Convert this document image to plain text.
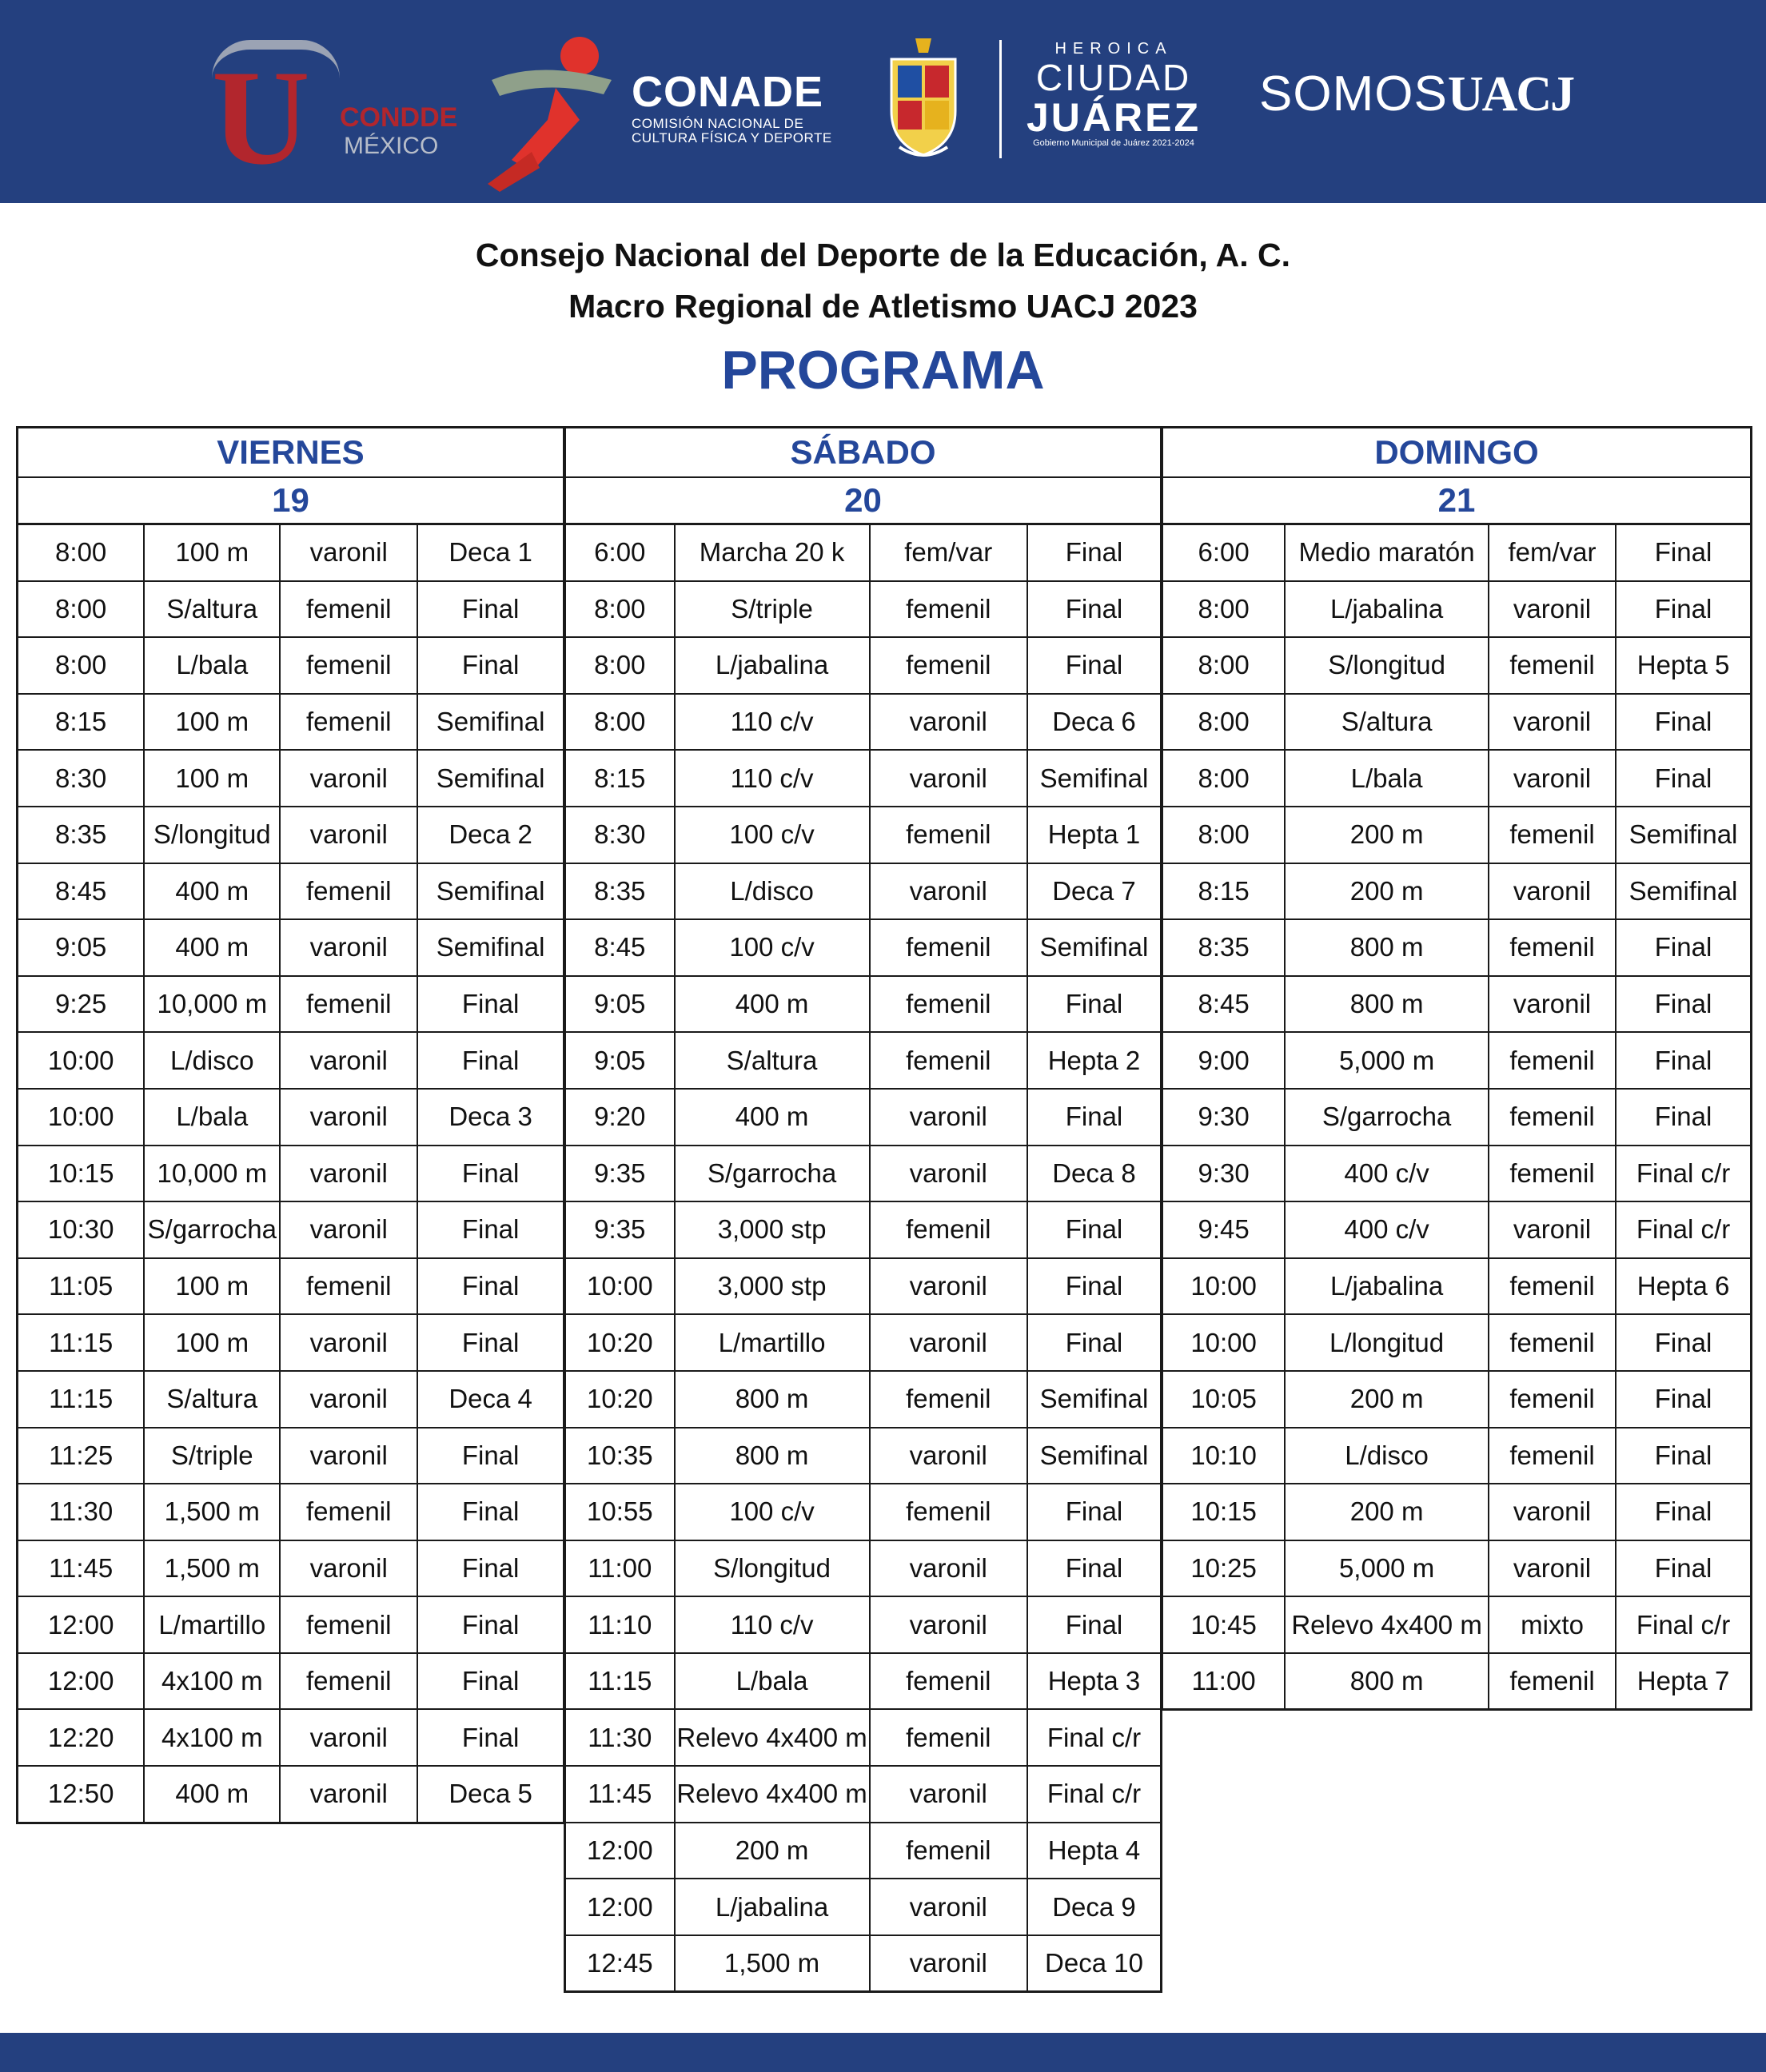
U CONDDE
MÉXICO
CONADE
COMISIÓN NACIONAL DE
CULTURA FÍSICA Y DEPORTE
HEROICA
CIUDAD
JUÁREZ
Gobierno Municipal de Juárez 2021-2024
SOMOSUACJ
Consejo Nacional del Deporte de la Educación, A. C.
Macro Regional de Atletismo UACJ 2023
PROGRAMA
VIERNES			
19			
8:00	100 m	varonil	Deca 1
8:00	S/altura	femenil	Final
8:00	L/bala	femenil	Final
8:15	100 m	femenil	Semifinal
8:30	100 m	varonil	Semifinal
8:35	S/longitud	varonil	Deca 2
8:45	400 m	femenil	Semifinal
9:05	400 m	varonil	Semifinal
9:25	10,000 m	femenil	Final
10:00	L/disco	varonil	Final
10:00	L/bala	varonil	Deca 3
10:15	10,000 m	varonil	Final
10:30	S/garrocha	varonil	Final
11:05	100 m	femenil	Final
11:15	100 m	varonil	Final
11:15	S/altura	varonil	Deca 4
11:25	S/triple	varonil	Final
11:30	1,500 m	femenil	Final
11:45	1,500 m	varonil	Final
12:00	L/martillo	femenil	Final
12:00	4x100 m	femenil	Final
12:20	4x100 m	varonil	Final
12:50	400 m	varonil	Deca 5
SÁBADO			
20			
6:00	Marcha 20 k	fem/var	Final
8:00	S/triple	femenil	Final
8:00	L/jabalina	femenil	Final
8:00	110 c/v	varonil	Deca 6
8:15	110 c/v	varonil	Semifinal
8:30	100 c/v	femenil	Hepta 1
8:35	L/disco	varonil	Deca 7
8:45	100 c/v	femenil	Semifinal
9:05	400 m	femenil	Final
9:05	S/altura	femenil	Hepta 2
9:20	400 m	varonil	Final
9:35	S/garrocha	varonil	Deca 8
9:35	3,000 stp	femenil	Final
10:00	3,000 stp	varonil	Final
10:20	L/martillo	varonil	Final
10:20	800 m	femenil	Semifinal
10:35	800 m	varonil	Semifinal
10:55	100 c/v	femenil	Final
11:00	S/longitud	varonil	Final
11:10	110 c/v	varonil	Final
11:15	L/bala	femenil	Hepta 3
11:30	Relevo 4x400 m	femenil	Final c/r
11:45	Relevo 4x400 m	varonil	Final c/r
12:00	200 m	femenil	Hepta 4
12:00	L/jabalina	varonil	Deca 9
12:45	1,500 m	varonil	Deca 10
DOMINGO			
21			
6:00	Medio maratón	fem/var	Final
8:00	L/jabalina	varonil	Final
8:00	S/longitud	femenil	Hepta 5
8:00	S/altura	varonil	Final
8:00	L/bala	varonil	Final
8:00	200 m	femenil	Semifinal
8:15	200 m	varonil	Semifinal
8:35	800 m	femenil	Final
8:45	800 m	varonil	Final
9:00	5,000 m	femenil	Final
9:30	S/garrocha	femenil	Final
9:30	400 c/v	femenil	Final c/r
9:45	400 c/v	varonil	Final c/r
10:00	L/jabalina	femenil	Hepta 6
10:00	L/longitud	femenil	Final
10:05	200 m	femenil	Final
10:10	L/disco	femenil	Final
10:15	200 m	varonil	Final
10:25	5,000 m	varonil	Final
10:45	Relevo 4x400 m	mixto	Final c/r
11:00	800 m	femenil	Hepta 7
